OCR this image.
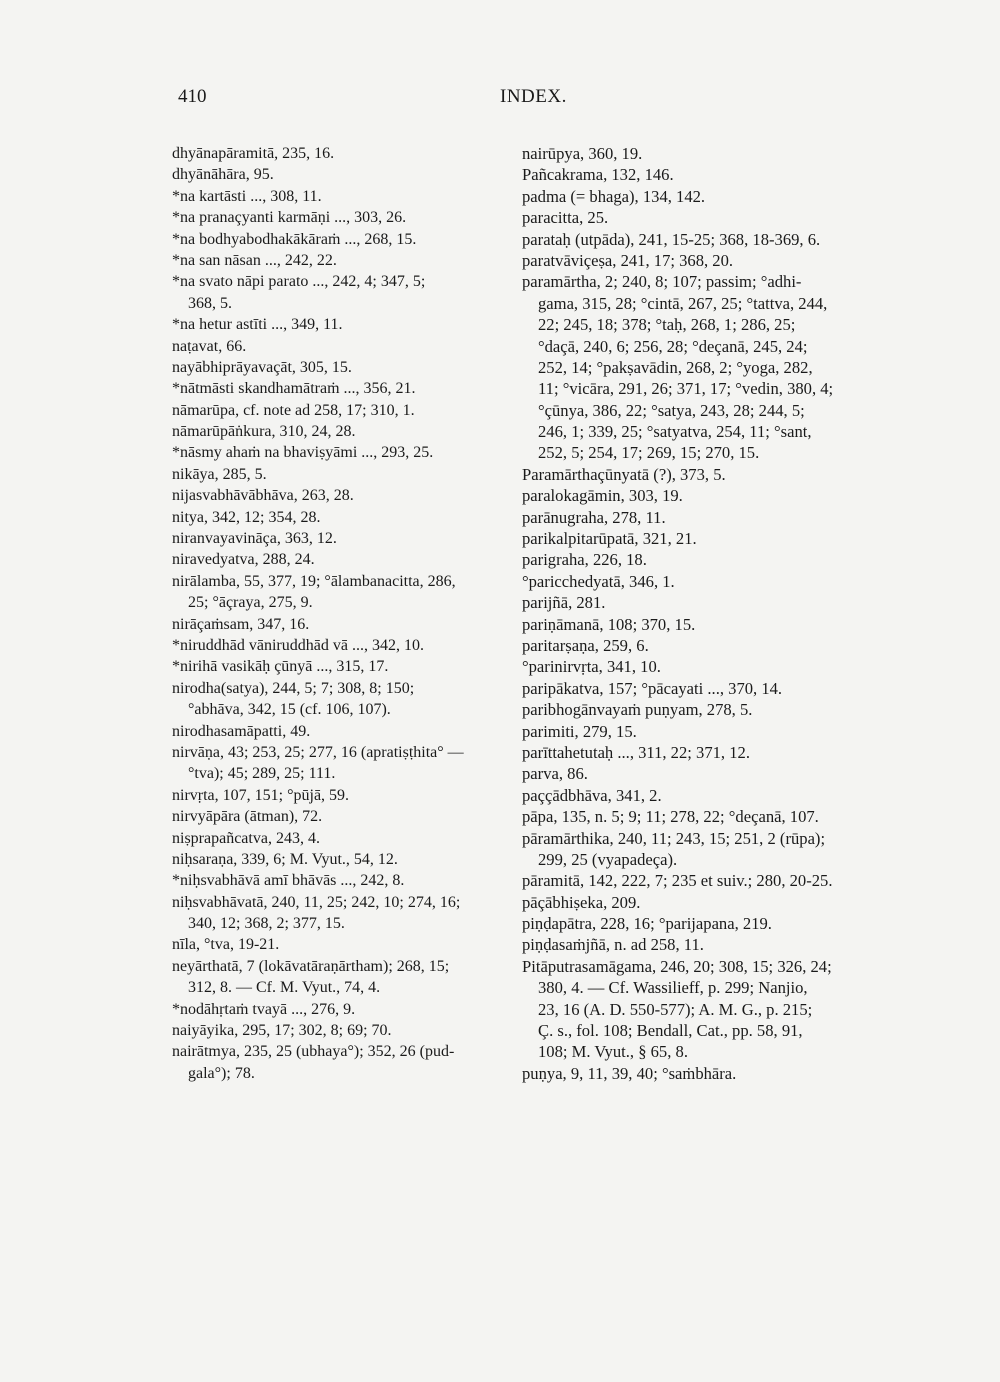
410	INDEX.
dhyānapāramitā, 235, 16.
dhyānāhāra, 95.
*na kartāsti ..., 308, 11.
*na pranaçyanti karmāṇi ..., 303, 26.
*na bodhyabodhakākāraṁ ..., 268, 15.
*na san nāsan ..., 242, 22.
*na svato nāpi parato ..., 242, 4; 347, 5;
368, 5.
*na hetur astīti ..., 349, 11.
naṭavat, 66.
nayābhiprāyavaçāt, 305, 15.
*nātmāsti skandhamātraṁ ..., 356, 21.
nāmarūpa, cf. note ad 258, 17; 310, 1.
nāmarūpāṅkura, 310, 24, 28.
*nāsmy ahaṁ na bhaviṣyāmi ..., 293, 25.
nikāya, 285, 5.
nijasvabhāvābhāva, 263, 28.
nitya, 342, 12; 354, 28.
niranvayavināça, 363, 12.
niravedyatva, 288, 24.
nirālamba, 55, 377, 19; °ālambanacitta, 286,
25; °āçraya, 275, 9.
nirāçaṁsam, 347, 16.
*niruddhād vāniruddhād vā ..., 342, 10.
*nirihā vasikāḥ çūnyā ..., 315, 17.
nirodha(satya), 244, 5; 7; 308, 8; 150;
°abhāva, 342, 15 (cf. 106, 107).
nirodhasamāpatti, 49.
nirvāṇa, 43; 253, 25; 277, 16 (apratiṣṭhita° —
°tva); 45; 289, 25; 111.
nirvṛta, 107, 151; °pūjā, 59.
nirvyāpāra (ātman), 72.
niṣprapañcatva, 243, 4.
niḥsaraṇa, 339, 6; M. Vyut., 54, 12.
*niḥsvabhāvā amī bhāvās ..., 242, 8.
niḥsvabhāvatā, 240, 11, 25; 242, 10; 274, 16;
340, 12; 368, 2; 377, 15.
nīla, °tva, 19-21.
neyārthatā, 7 (lokāvatāraṇārtham); 268, 15;
312, 8. — Cf. M. Vyut., 74, 4.
*nodāhṛtaṁ tvayā ..., 276, 9.
naiyāyika, 295, 17; 302, 8; 69; 70.
nairātmya, 235, 25 (ubhaya°); 352, 26 (pud-
gala°); 78.
nairūpya, 360, 19.
Pañcakrama, 132, 146.
padma (= bhaga), 134, 142.
paracitta, 25.
parataḥ (utpāda), 241, 15-25; 368, 18-369, 6.
paratvāviçeṣa, 241, 17; 368, 20.
paramārtha, 2; 240, 8; 107; passim; °adhi-
gama, 315, 28; °cintā, 267, 25; °tattva, 244,
22; 245, 18; 378; °taḥ, 268, 1; 286, 25;
°daçā, 240, 6; 256, 28; °deçanā, 245, 24;
252, 14; °pakṣavādin, 268, 2; °yoga, 282,
11; °vicāra, 291, 26; 371, 17; °vedin, 380, 4;
°çūnya, 386, 22; °satya, 243, 28; 244, 5;
246, 1; 339, 25; °satyatva, 254, 11; °sant,
252, 5; 254, 17; 269, 15; 270, 15.
Paramārthaçūnyatā (?), 373, 5.
paralokagāmin, 303, 19.
parānugraha, 278, 11.
parikalpitarūpatā, 321, 21.
parigraha, 226, 18.
°paricchedyatā, 346, 1.
parijñā, 281.
pariṇāmanā, 108; 370, 15.
paritarṣaṇa, 259, 6.
°parinirvṛta, 341, 10.
paripākatva, 157; °pācayati ..., 370, 14.
paribhogānvayaṁ puṇyam, 278, 5.
parimiti, 279, 15.
parīttahetutaḥ ..., 311, 22; 371, 12.
parva, 86.
paççādbhāva, 341, 2.
pāpa, 135, n. 5; 9; 11; 278, 22; °deçanā, 107.
pāramārthika, 240, 11; 243, 15; 251, 2 (rūpa);
299, 25 (vyapadeça).
pāramitā, 142, 222, 7; 235 et suiv.; 280, 20-25.
pāçābhiṣeka, 209.
piṇḍapātra, 228, 16; °parijapana, 219.
piṇḍasaṁjñā, n. ad 258, 11.
Pitāputrasamāgama, 246, 20; 308, 15; 326, 24;
380, 4. — Cf. Wassilieff, p. 299; Nanjio,
23, 16 (A. D. 550-577); A. M. G., p. 215;
Ç. s., fol. 108; Bendall, Cat., pp. 58, 91,
108; M. Vyut., § 65, 8.
puṇya, 9, 11, 39, 40; °saṁbhāra.
